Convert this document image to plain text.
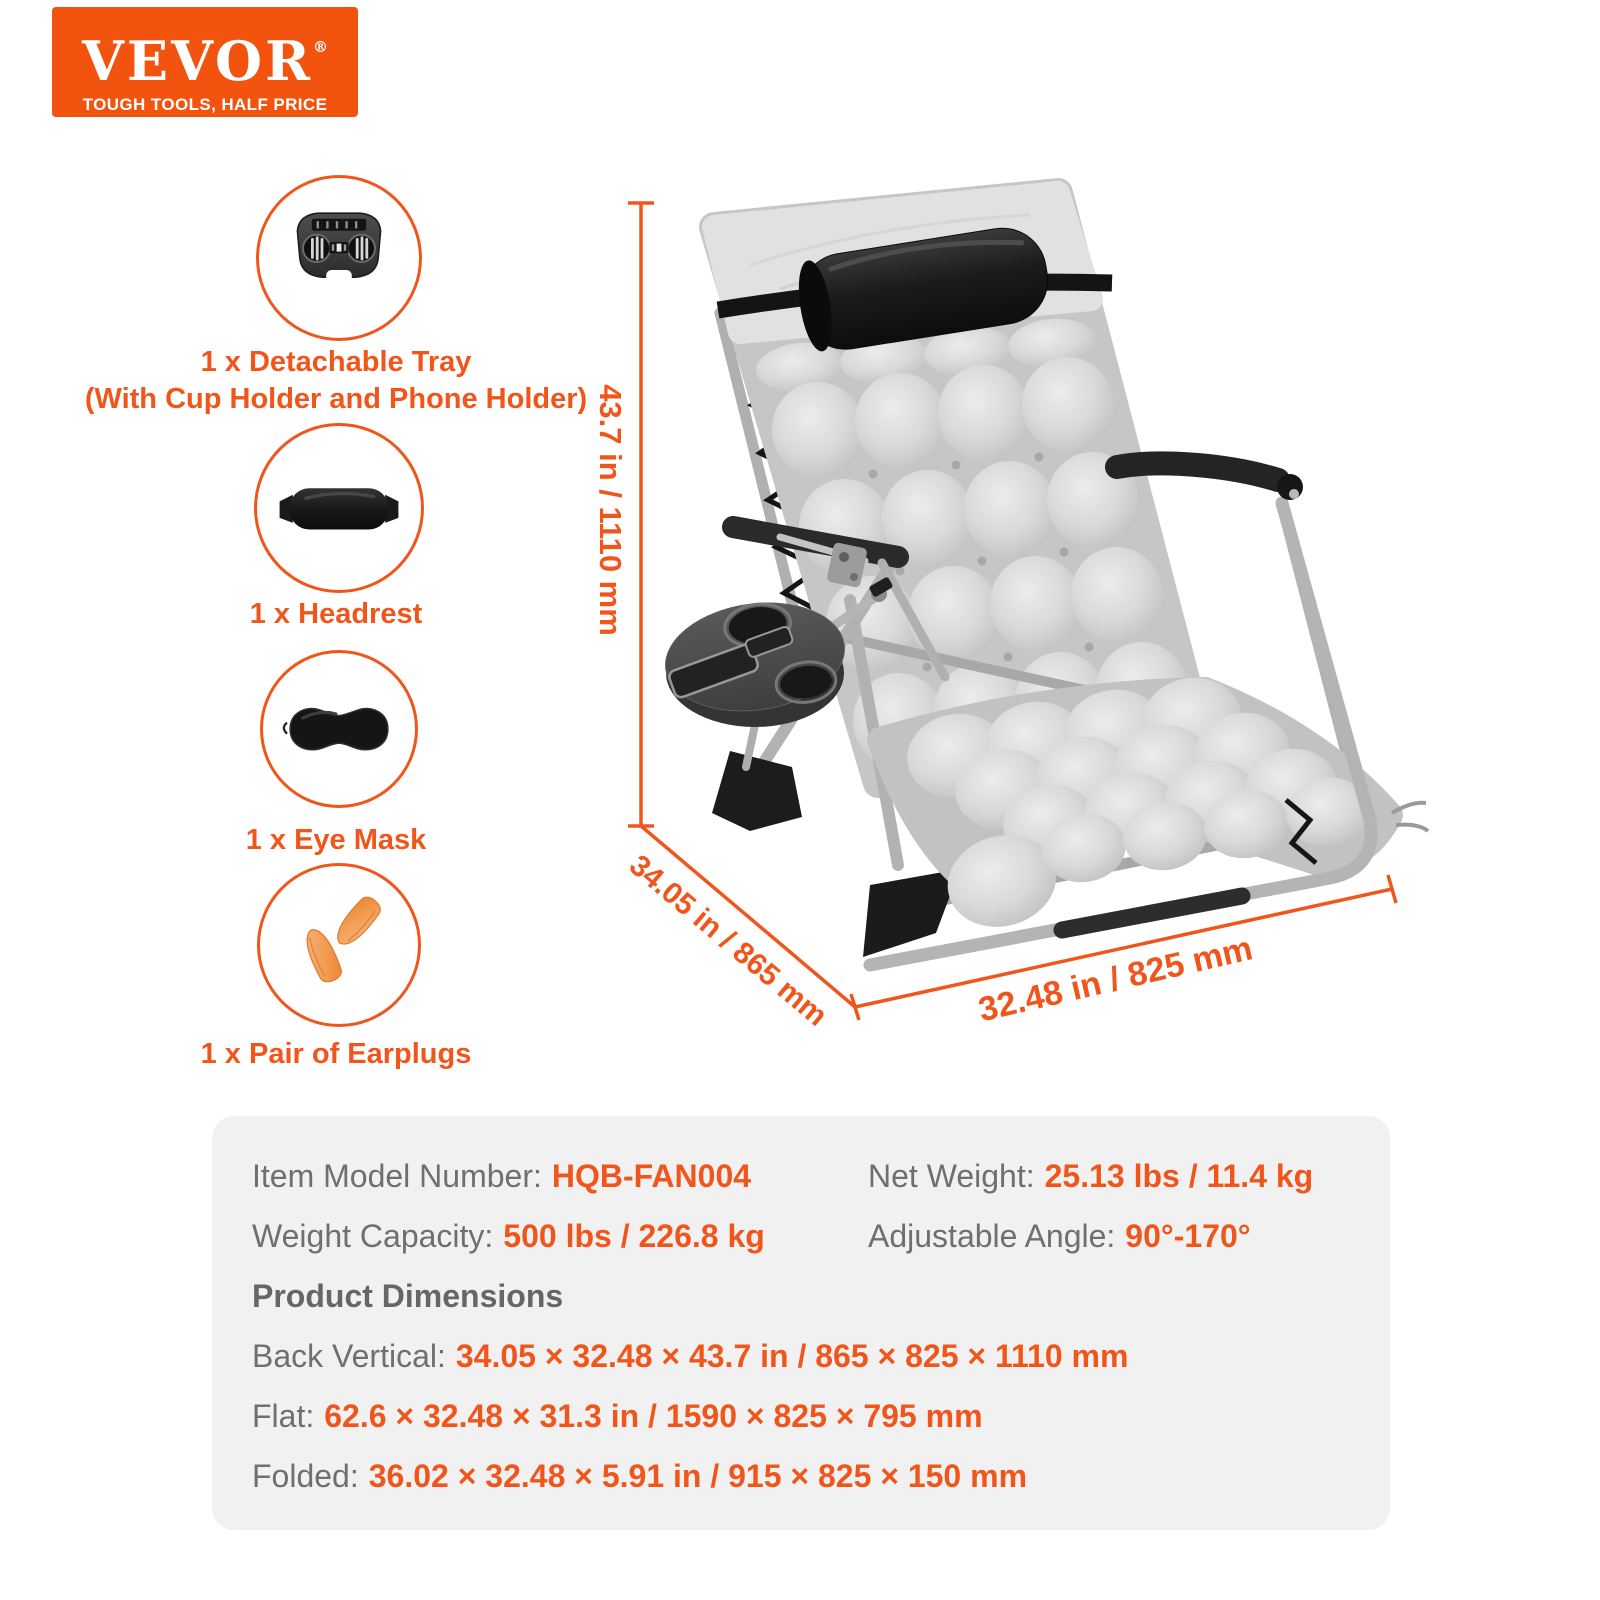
VEVOR®
TOUGH TOOLS, HALF PRICE
1 x Detachable Tray
(With Cup Holder and Phone Holder)
1 x Headrest
1 x Eye Mask
1 x Pair of Earplugs
43.7 in / 1110 mm
34.05 in / 865 mm	32.48 in / 825 mm
Item Model Number: HQB-FAN004	Net Weight: 25.13 lbs / 11.4 kg
Weight Capacity: 500 lbs / 226.8 kg	Adjustable Angle: 90°-170°
Product Dimensions
Back Vertical: 34.05 × 32.48 × 43.7 in / 865 × 825 × 1110 mm
Flat: 62.6 × 32.48 × 31.3 in / 1590 × 825 × 795 mm
Folded: 36.02 × 32.48 × 5.91 in / 915 × 825 × 150 mm
